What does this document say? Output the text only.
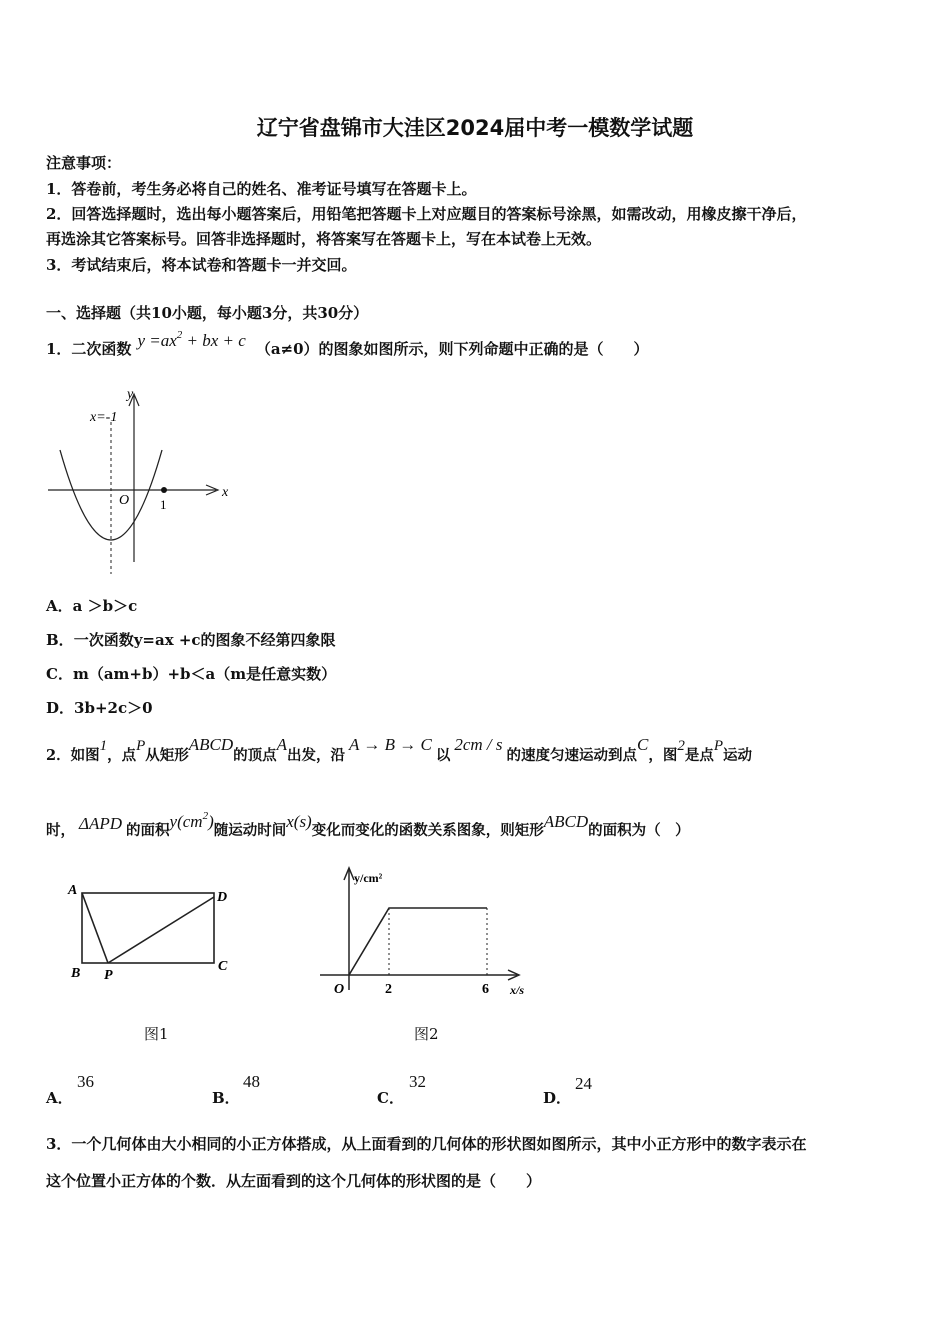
辽宁省盘锦市大洼区2024届中考一模数学试题
注意事项：
1．答卷前，考生务必将自己的姓名、准考证号填写在答题卡上。
2．回答选择题时，选出每小题答案后，用铅笔把答题卡上对应题目的答案标号涂黑，如需改动，用橡皮擦干净后，
再选涂其它答案标号。回答非选择题时，将答案写在答题卡上，写在本试卷上无效。
3．考试结束后，将本试卷和答题卡一并交回。
一、选择题（共10小题，每小题3分，共30分）
1．二次函数 $y =ax^2$ + bx + c （a≠0）的图象如图所示，则下列命题中正确的是（　　）
x
y
O
x=-1
1
A．a ＞b＞c
B．一次函数y=ax +c的图象不经第四象限
C．m（am+b）+b＜a（m是任意实数）
D．3b+2c＞0
2．如图1，点P从矩形ABCD的顶点A出发，沿A → B → C以2cm / s的速度匀速运动到点C，图2是点P运动
时， ΔAPD 的面积$y(cm^2)$随运动时间x(s)变化而变化的函数关系图象，则矩形ABCD的面积为（　）
A	D
B P
C
图1
y/cm²
x/s
O	2	6
图2
A．
36
B．
48
C．
32
D．
24
3．一个几何体由大小相同的小正方体搭成，从上面看到的几何体的形状图如图所示，其中小正方形中的数字表示在
这个位置小正方体的个数．从左面看到的这个几何体的形状图的是（　　）
